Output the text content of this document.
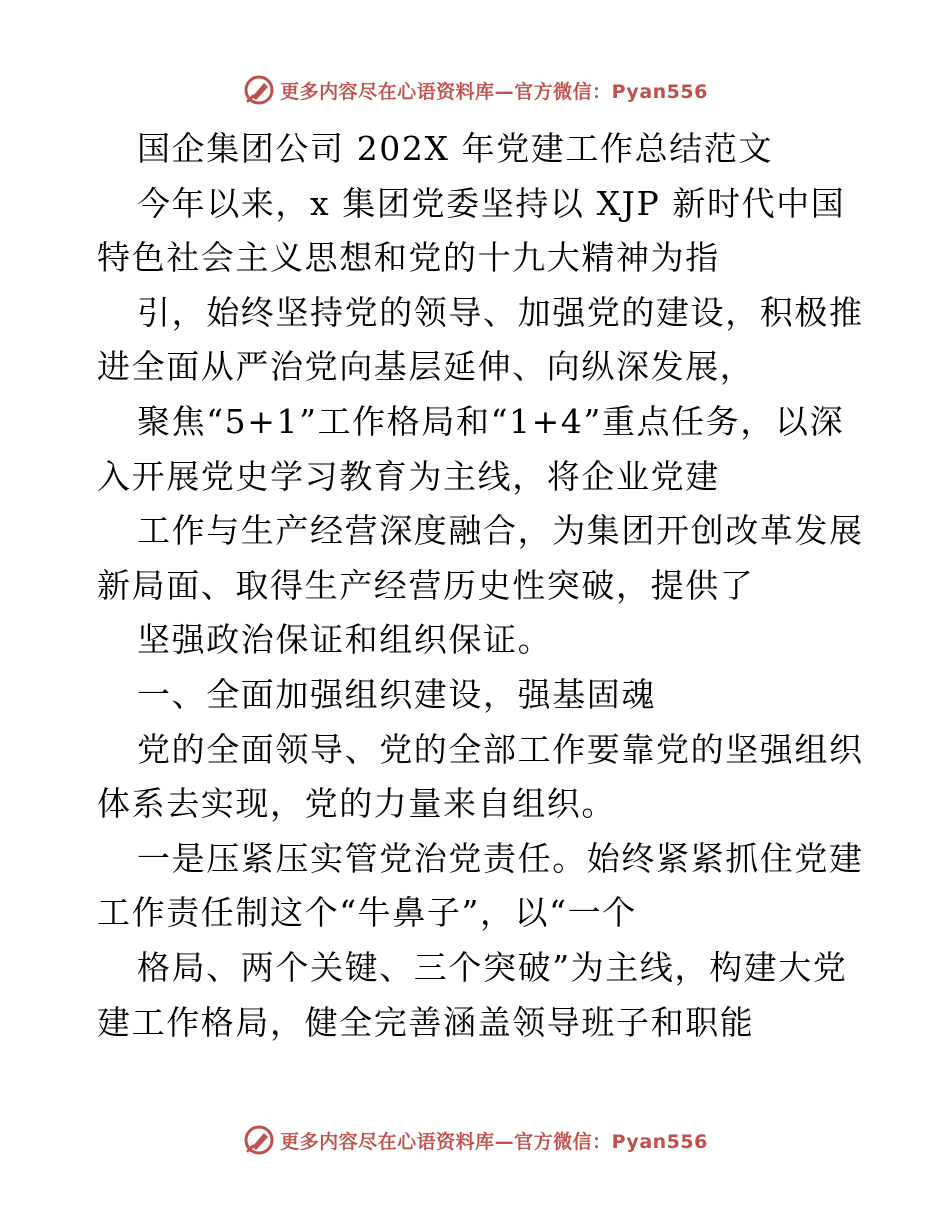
更多内容尽在心语资料库—官方微信：Pyan556
国企集团公司 202X 年党建工作总结范文
今年以来，x 集团党委坚持以 XJP 新时代中国
特色社会主义思想和党的十九大精神为指
引，始终坚持党的领导、加强党的建设，积极推
进全面从严治党向基层延伸、向纵深发展，
聚焦“5+1”工作格局和“1+4”重点任务，以深
入开展党史学习教育为主线，将企业党建
工作与生产经营深度融合，为集团开创改革发展
新局面、取得生产经营历史性突破，提供了
坚强政治保证和组织保证。
一、全面加强组织建设，强基固魂
党的全面领导、党的全部工作要靠党的坚强组织
体系去实现，党的力量来自组织。
一是压紧压实管党治党责任。始终紧紧抓住党建
工作责任制这个“牛鼻子”，以“一个
格局、两个关键、三个突破”为主线，构建大党
建工作格局，健全完善涵盖领导班子和职能
更多内容尽在心语资料库—官方微信：Pyan556
